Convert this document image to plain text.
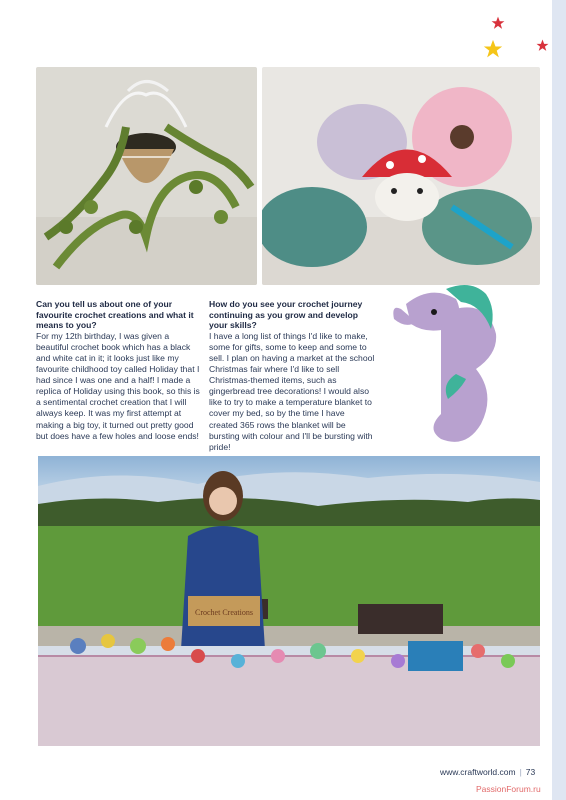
Can you tell us about one of your favourite crochet creations and what it means to you?

For my 12th birthday, I was given a beautiful crochet book which has a black and white cat in it; it looks just like my favourite childhood toy called Holiday that I had since I was one and a half! I made a replica of Holiday using this book, so this is a sentimental crochet creation that I will always keep. It was my first attempt at making a big toy, it turned out pretty good but does have a few holes and loose ends!

How do you see your crochet journey continuing as you grow and develop your skills?

I have a long list of things I'd like to make, some for gifts, some to keep and some to sell. I plan on having a market at the school Christmas fair where I'd like to sell Christmas-themed items, such as gingerbread tree decorations! I would also like to try to make a temperature blanket to cover my bed, so by the time I have created 365 rows the blanket will be bursting with colour and I'll be bursting with pride!

Crochet Creations
www.craftworld.com | 73
PassionForum.ru
